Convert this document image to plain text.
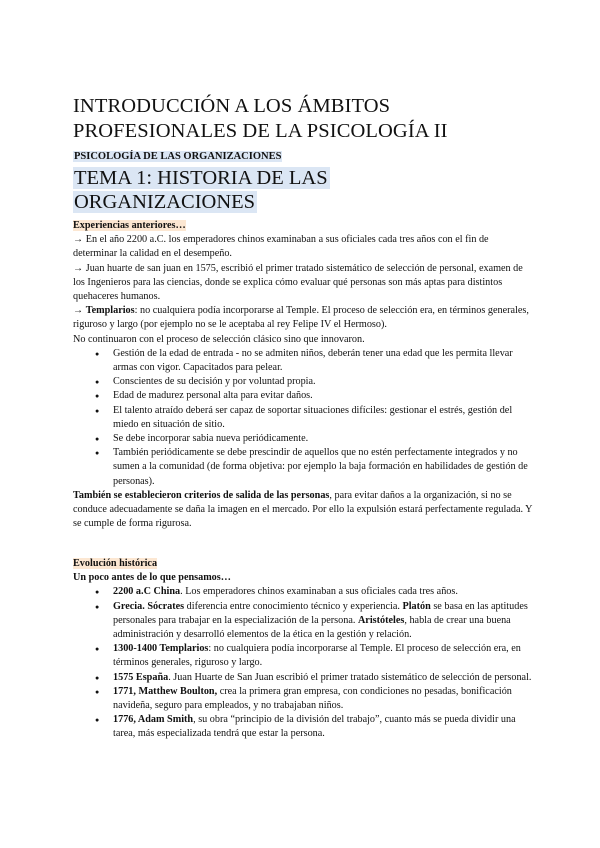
INTRODUCCIÓN A LOS ÁMBITOS
PROFESIONALES DE LA PSICOLOGÍA II
PSICOLOGÍA DE LAS ORGANIZACIONES
TEMA 1: HISTORIA DE LAS
ORGANIZACIONES

Experiencias anteriores…

→ En el año 2200 a.C. los emperadores chinos examinaban a sus oficiales cada tres años con el fin de determinar la calidad en el desempeño.

→ Juan huarte de san juan en 1575, escribió el primer tratado sistemático de selección de personal, examen de los Ingenieros para las ciencias, donde se explica cómo evaluar qué personas son más aptas para distintos quehaceres humanos.

→ Templarios: no cualquiera podía incorporarse al Temple. El proceso de selección era, en términos generales, riguroso y largo (por ejemplo no se le aceptaba al rey Felipe IV el Hermoso).

No continuaron con el proceso de selección clásico sino que innovaron.

● Gestión de la edad de entrada - no se admiten niños, deberán tener una edad que les permita llevar armas con vigor. Capacitados para pelear.
● Conscientes de su decisión y por voluntad propia.
● Edad de madurez personal alta para evitar daños.
● El talento atraído deberá ser capaz de soportar situaciones difíciles: gestionar el estrés, gestión del miedo en situación de sitio.
● Se debe incorporar sabia nueva periódicamente.
● También periódicamente se debe prescindir de aquellos que no estén perfectamente integrados y no sumen a la comunidad (de forma objetiva: por ejemplo la baja formación en habilidades de gestión de personas).

También se establecieron criterios de salida de las personas, para evitar daños a la organización, si no se conduce adecuadamente se daña la imagen en el mercado. Por ello la expulsión estará perfectamente regulada. Y se cumple de forma rigurosa.

Evolución histórica

Un poco antes de lo que pensamos…

● 2200 a.C China. Los emperadores chinos examinaban a sus oficiales cada tres años.
● Grecia. Sócrates diferencia entre conocimiento técnico y experiencia. Platón se basa en las aptitudes personales para trabajar en la especialización de la persona. Aristóteles, habla de crear una buena administración y desarrolló elementos de la ética en la gestión y relación.
● 1300-1400 Templarios: no cualquiera podía incorporarse al Temple. El proceso de selección era, en términos generales, riguroso y largo.
● 1575 España. Juan Huarte de San Juan escribió el primer tratado sistemático de selección de personal.
● 1771, Matthew Boulton, crea la primera gran empresa, con condiciones no pesadas, bonificación navideña, seguro para empleados, y no trabajaban niños.
● 1776, Adam Smith, su obra “principio de la división del trabajo”, cuanto más se pueda dividir una tarea, más especializada tendrá que estar la persona.
